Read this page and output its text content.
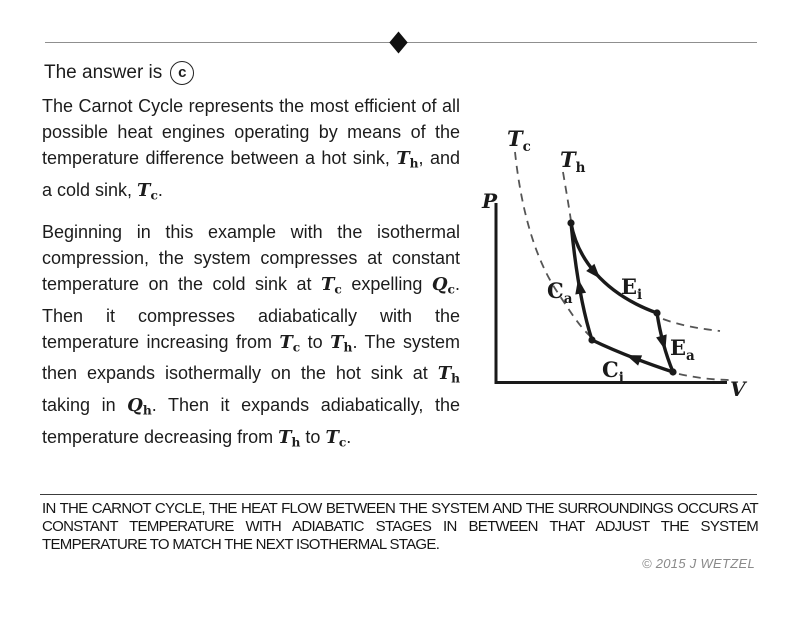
The answer is	c
The Carnot Cycle represents the most efficient of all possible heat engines operating by means of the temperature difference between a hot sink, $T_h$, and a cold sink, $T_c$.
Beginning in this example with the isothermal compression, the system compresses at constant temperature on the cold sink at $T_c$ expelling $Q_c$. Then it compresses adiabatically with the temperature increasing from $T_c$ to $T_h$. The system then expands isothermally on the hot sink at $T_h$ taking in $Q_h$. Then it expands adiabatically, the temperature decreasing from $T_h$ to $T_c$.
P
V
$T_c$ $T_h$
$C_a$ $E_i$
$E_a$
$C_i$
IN THE CARNOT CYCLE, THE HEAT FLOW BETWEEN THE SYSTEM AND THE SURROUNDINGS OCCURS AT CONSTANT TEMPERATURE WITH ADIABATIC STAGES IN BETWEEN THAT ADJUST THE SYSTEM TEMPERATURE TO MATCH THE NEXT ISOTHERMAL STAGE.
© 2015 J WETZEL
